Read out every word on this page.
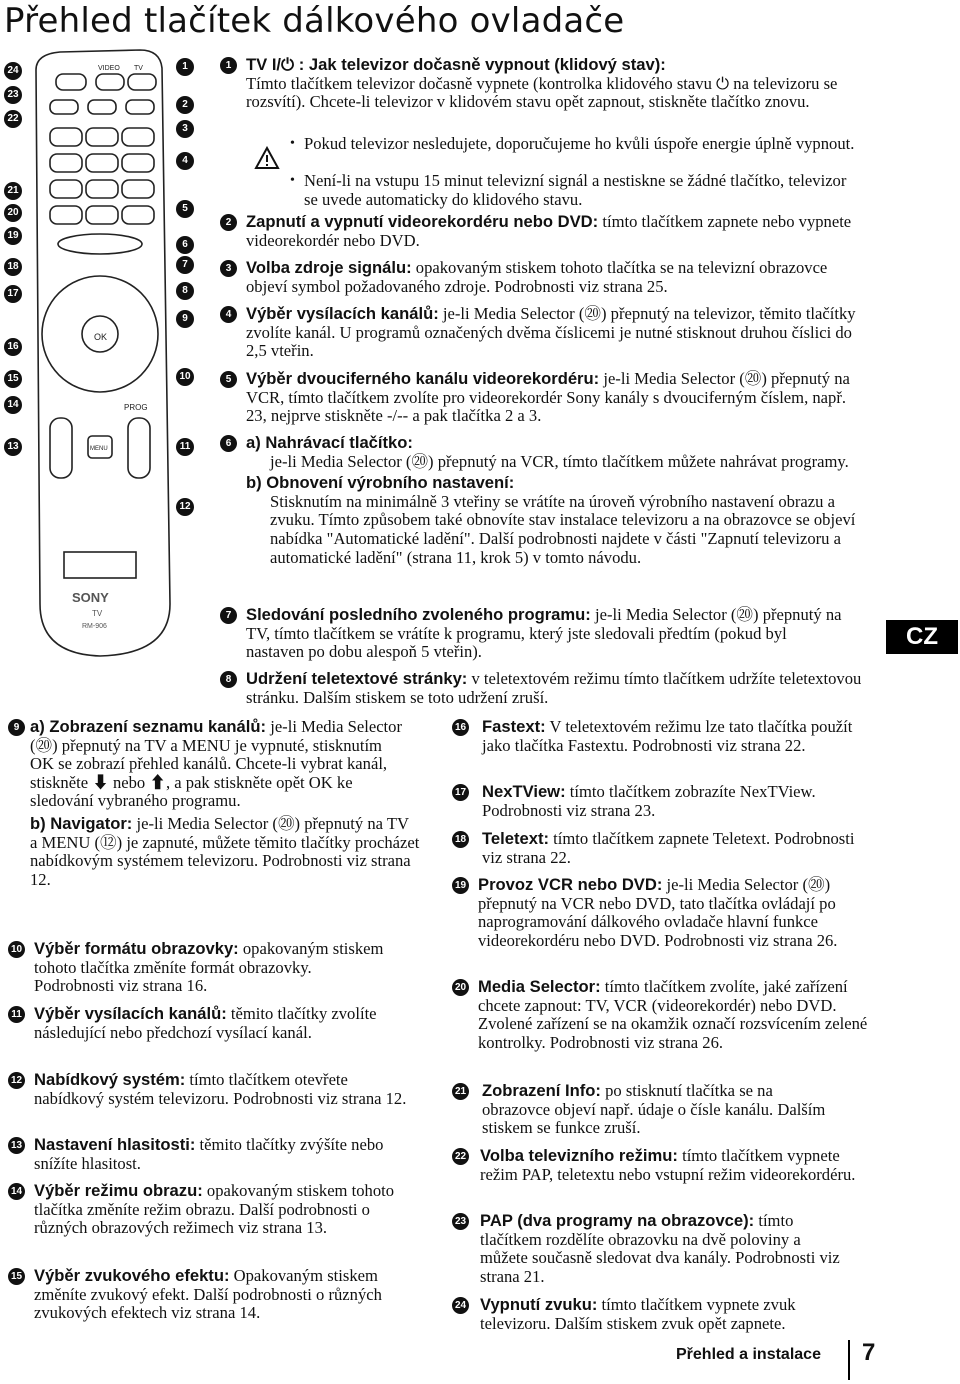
Přehled tlačítek dálkového ovladače
VIDEO TV
OK
MENU
PROG
SONY
TV
RM-906
24
23
22
21
20
19
18
17
16
15
14
13
1
2
3
4
5
6
7
8
9
10
11
12
1 TV I/⏻ : Jak televizor dočasně vypnout (klidový stav):
Tímto tlačítkem televizor dočasně vypnete (kontrolka klidového stavu ⏻ na televizoru se rozsvítí). Chcete-li televizor v klidovém stavu opět zapnout, stiskněte tlačítko znovu.
• Pokud televizor nesledujete, doporučujeme ho kvůli úspoře energie úplně vypnout.
• Není-li na vstupu 15 minut televizní signál a nestiskne se žádné tlačítko, televizor se uvede automaticky do klidového stavu.
2 Zapnutí a vypnutí videorekordéru nebo DVD: tímto tlačítkem zapnete nebo vypnete videorekordér nebo DVD.
3 Volba zdroje signálu: opakovaným stiskem tohoto tlačítka se na televizní obrazovce objeví symbol požadovaného zdroje. Podrobnosti viz strana 25.
4 Výběr vysílacích kanálů: je-li Media Selector (⑳) přepnutý na televizor, těmito tlačítky zvolíte kanál. U programů označených dvěma číslicemi je nutné stisknout druhou číslici do 2,5 vteřin.
5 Výběr dvouciferného kanálu videorekordéru: je-li Media Selector (⑳) přepnutý na VCR, tímto tlačítkem zvolíte pro videorekordér Sony kanály s dvouciferným číslem, např. 23, nejprve stiskněte -/-- a pak tlačítka 2 a 3.
6 a) Nahrávací tlačítko:
je-li Media Selector (⑳) přepnutý na VCR, tímto tlačítkem můžete nahrávat programy.
b) Obnovení výrobního nastavení:
Stisknutím na minimálně 3 vteřiny se vrátíte na úroveň výrobního nastavení obrazu a zvuku. Tímto způsobem také obnovíte stav instalace televizoru a na obrazovce se objeví nabídka "Automatické ladění". Další podrobnosti najdete v části "Zapnutí televizoru a automatické ladění" (strana 11, krok 5) v tomto návodu.
7 Sledování posledního zvoleného programu: je-li Media Selector (⑳) přepnutý na TV, tímto tlačítkem se vrátíte k programu, který jste sledovali předtím (pokud byl nastaven po dobu alespoň 5 vteřin).
8 Udržení teletextové stránky: v teletextovém režimu tímto tlačítkem udržíte teletextovou stránku. Dalším stiskem se toto udržení zruší.
CZ
9 a) Zobrazení seznamu kanálů: je-li Media Selector (⑳) přepnutý na TV a MENU je vypnuté, stisknutím OK se zobrazí přehled kanálů. Chcete-li vybrat kanál, stiskněte ⬇ nebo ⬆, a pak stiskněte opět OK ke sledování vybraného programu.
b) Navigator: je-li Media Selector (⑳) přepnutý na TV a MENU (⑫) je zapnuté, můžete těmito tlačítky procházet nabídkovým systémem televizoru. Podrobnosti viz strana 12.
10 Výběr formátu obrazovky: opakovaným stiskem tohoto tlačítka změníte formát obrazovky. Podrobnosti viz strana 16.
11 Výběr vysílacích kanálů: těmito tlačítky zvolíte následující nebo předchozí vysílací kanál.
12 Nabídkový systém: tímto tlačítkem otevřete nabídkový systém televizoru. Podrobnosti viz strana 12.
13 Nastavení hlasitosti: těmito tlačítky zvýšíte nebo snížíte hlasitost.
14 Výběr režimu obrazu: opakovaným stiskem tohoto tlačítka změníte režim obrazu. Další podrobnosti o různých obrazových režimech viz strana 13.
15 Výběr zvukového efektu: Opakovaným stiskem změníte zvukový efekt. Další podrobnosti o různých zvukových efektech viz strana 14.
16 Fastext: V teletextovém režimu lze tato tlačítka použít jako tlačítka Fastextu. Podrobnosti viz strana 22.
17 NexTView: tímto tlačítkem zobrazíte NexTView. Podrobnosti viz strana 23.
18 Teletext: tímto tlačítkem zapnete Teletext. Podrobnosti viz strana 22.
19 Provoz VCR nebo DVD: je-li Media Selector (⑳) přepnutý na VCR nebo DVD, tato tlačítka ovládají po naprogramování dálkového ovladače hlavní funkce videorekordéru nebo DVD. Podrobnosti viz strana 26.
20 Media Selector: tímto tlačítkem zvolíte, jaké zařízení chcete zapnout: TV, VCR (videorekordér) nebo DVD. Zvolené zařízení se na okamžik označí rozsvícením zelené kontrolky. Podrobnosti viz strana 26.
21 Zobrazení Info: po stisknutí tlačítka se na obrazovce objeví např. údaje o čísle kanálu. Dalším stiskem se funkce zruší.
22 Volba televizního režimu: tímto tlačítkem vypnete režim PAP, teletextu nebo vstupní režim videorekordéru.
23 PAP (dva programy na obrazovce): tímto tlačítkem rozdělíte obrazovku na dvě poloviny a můžete současně sledovat dva kanály. Podrobnosti viz strana 21.
24 Vypnutí zvuku: tímto tlačítkem vypnete zvuk televizoru. Dalším stiskem zvuk opět zapnete.
Přehled a instalace 7
